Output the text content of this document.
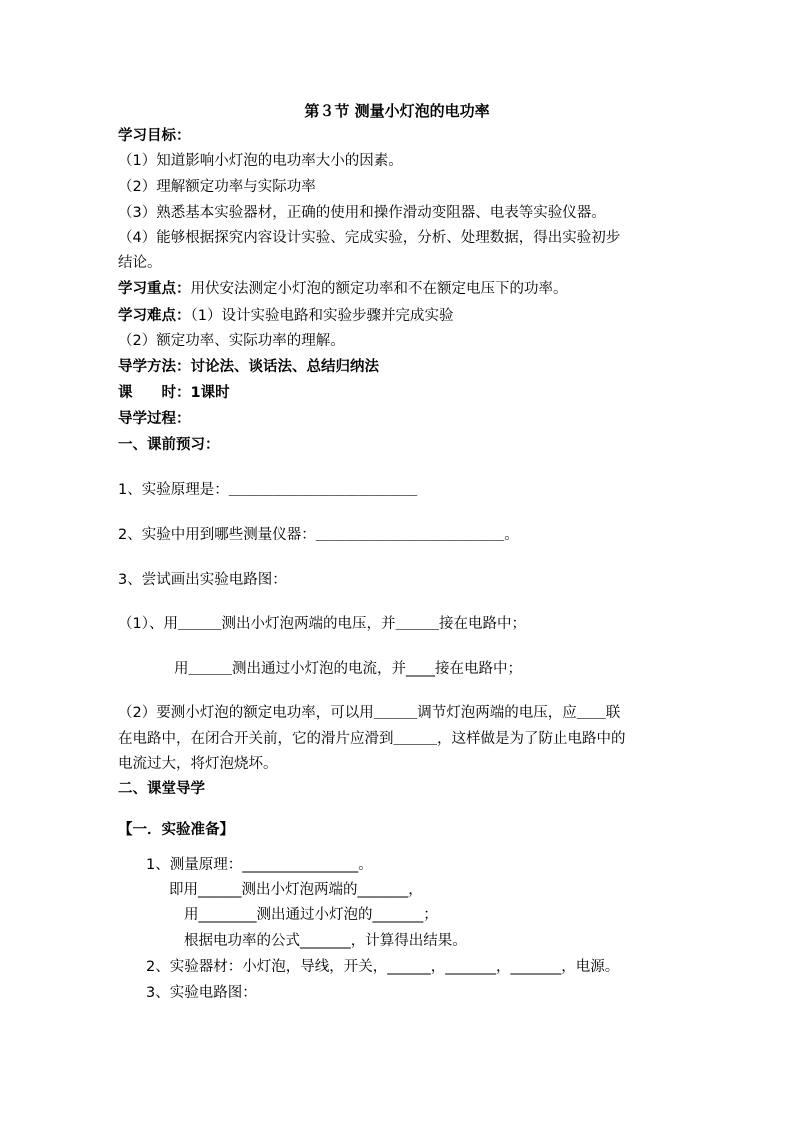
第３节 测量小灯泡的电功率
学习目标：
（1）知道影响小灯泡的电功率大小的因素。
（2）理解额定功率与实际功率
（3）熟悉基本实验器材，正确的使用和操作滑动变阻器、电表等实验仪器。
（4）能够根据探究内容设计实验、完成实验，分析、处理数据，得出实验初步
结论。
学习重点：用伏安法测定小灯泡的额定功率和不在额定电压下的功率。
学习难点：（1）设计实验电路和实验步骤并完成实验
（2）额定功率、实际功率的理解。
导学方法：讨论法、谈话法、总结归纳法
课　　时：1课时
导学过程：
一、课前预习：
1、实验原理是：＿＿＿＿＿＿＿＿＿＿＿＿＿
2、实验中用到哪些测量仪器：＿＿＿＿＿＿＿＿＿＿＿＿＿。
3、尝试画出实验电路图：
（1）、用＿＿＿测出小灯泡两端的电压，并＿＿＿接在电路中；
用＿＿＿测出通过小灯泡的电流，并____接在电路中；
（2）要测小灯泡的额定电功率，可以用＿＿＿调节灯泡两端的电压，应＿＿联
在电路中，在闭合开关前，它的滑片应滑到＿＿＿，这样做是为了防止电路中的
电流过大，将灯泡烧坏。
二、课堂导学
【一．实验准备】
1、测量原理：________________。
即用______测出小灯泡两端的_______，
用________测出通过小灯泡的_______；
根据电功率的公式_______，计算得出结果。
2、实验器材：小灯泡，导线，开关，______，_______，_______，电源。
3、实验电路图：
